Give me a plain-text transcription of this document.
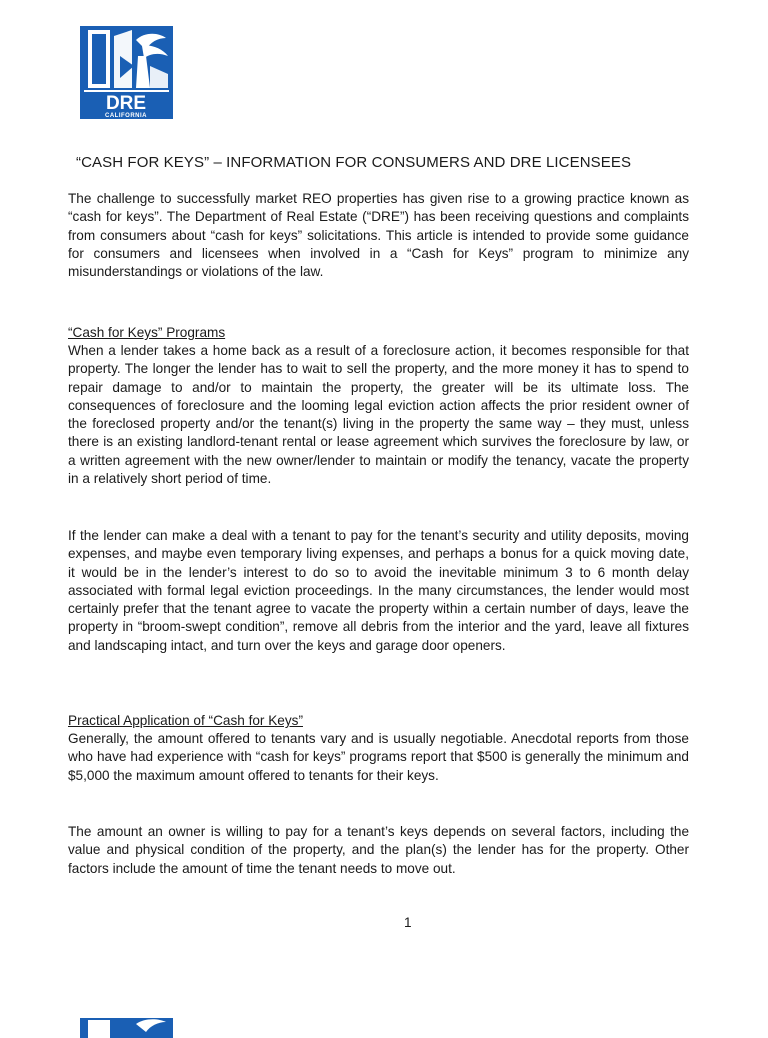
DRE
CALIFORNIA
“CASH FOR KEYS” – INFORMATION FOR CONSUMERS AND DRE LICENSEES

The challenge to successfully market REO properties has given rise to a growing practice known as “cash for keys”. The Department of Real Estate (“DRE”) has been receiving questions and complaints from consumers about “cash for keys” solicitations. This article is intended to provide some guidance for consumers and licensees when involved in a “Cash for Keys” program to minimize any misunderstandings or violations of the law.

“Cash for Keys” Programs

When a lender takes a home back as a result of a foreclosure action, it becomes responsible for that property. The longer the lender has to wait to sell the property, and the more money it has to spend to repair damage to and/or to maintain the property, the greater will be its ultimate loss. The consequences of foreclosure and the looming legal eviction action affects the prior resident owner of the foreclosed property and/or the tenant(s) living in the property the same way – they must, unless there is an existing landlord-tenant rental or lease agreement which survives the foreclosure by law, or a written agreement with the new owner/lender to maintain or modify the tenancy, vacate the property in a relatively short period of time.

If the lender can make a deal with a tenant to pay for the tenant’s security and utility deposits, moving expenses, and maybe even temporary living expenses, and perhaps a bonus for a quick moving date, it would be in the lender’s interest to do so to avoid the inevitable minimum 3 to 6 month delay associated with formal legal eviction proceedings. In the many circumstances, the lender would most certainly prefer that the tenant agree to vacate the property within a certain number of days, leave the property in “broom-swept condition”, remove all debris from the interior and the yard, leave all fixtures and landscaping intact, and turn over the keys and garage door openers.

Practical Application of “Cash for Keys”

Generally, the amount offered to tenants vary and is usually negotiable. Anecdotal reports from those who have had experience with “cash for keys” programs report that $500 is generally the minimum and $5,000 the maximum amount offered to tenants for their keys.

The amount an owner is willing to pay for a tenant’s keys depends on several factors, including the value and physical condition of the property, and the plan(s) the lender has for the property. Other factors include the amount of time the tenant needs to move out.

1
